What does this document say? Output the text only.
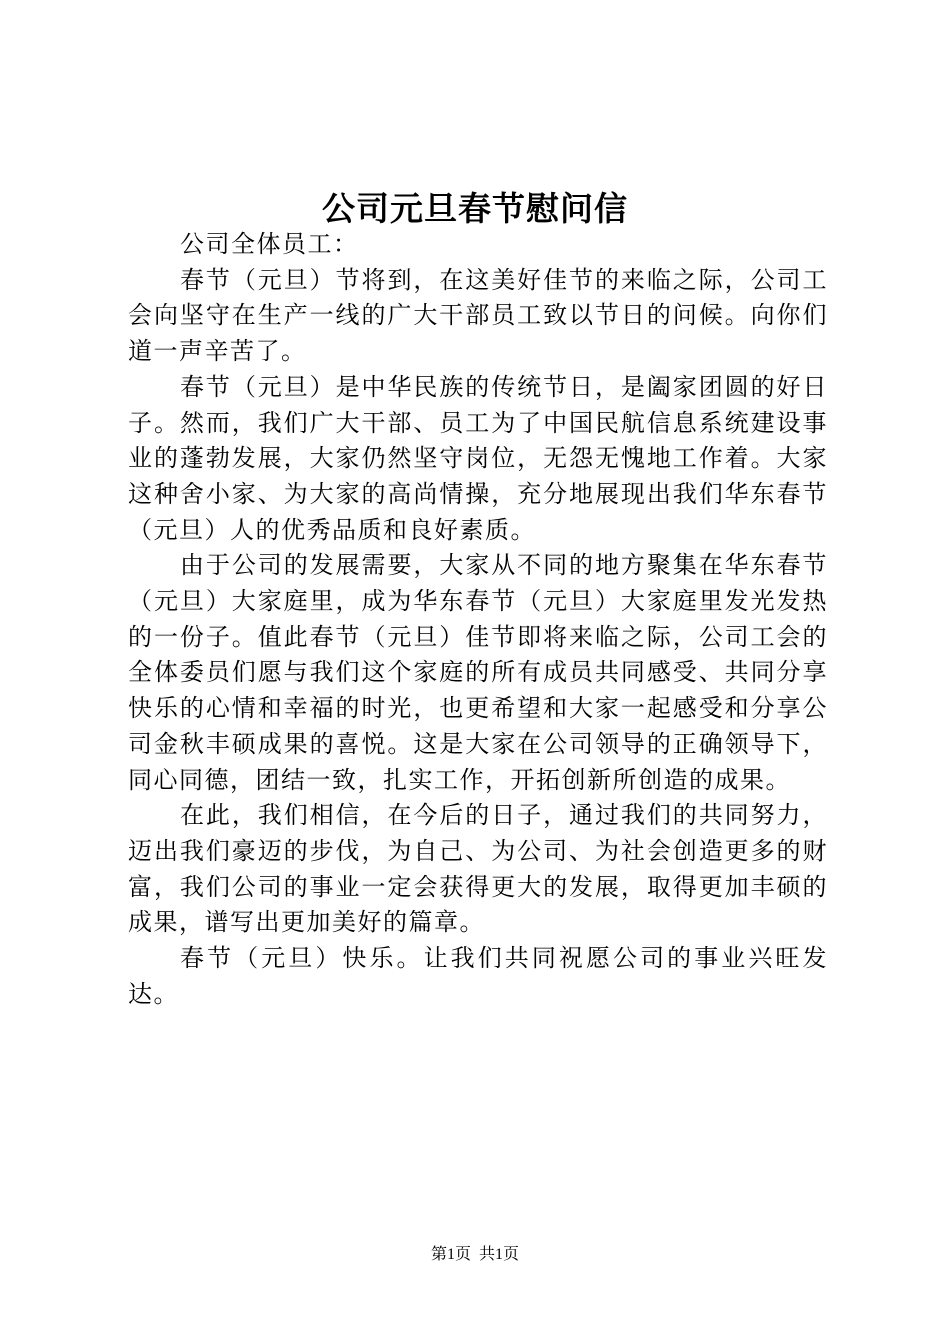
公司元旦春节慰问信

公司全体员工：

春节（元旦）节将到，在这美好佳节的来临之际，公司工会向坚守在生产一线的广大干部员工致以节日的问候。向你们道一声辛苦了。

春节（元旦）是中华民族的传统节日，是阖家团圆的好日子。然而，我们广大干部、员工为了中国民航信息系统建设事业的蓬勃发展，大家仍然坚守岗位，无怨无愧地工作着。大家这种舍小家、为大家的高尚情操，充分地展现出我们华东春节（元旦）人的优秀品质和良好素质。

由于公司的发展需要，大家从不同的地方聚集在华东春节（元旦）大家庭里，成为华东春节（元旦）大家庭里发光发热的一份子。值此春节（元旦）佳节即将来临之际，公司工会的全体委员们愿与我们这个家庭的所有成员共同感受、共同分享快乐的心情和幸福的时光，也更希望和大家一起感受和分享公司金秋丰硕成果的喜悦。这是大家在公司领导的正确领导下，同心同德，团结一致，扎实工作，开拓创新所创造的成果。

在此，我们相信，在今后的日子，通过我们的共同努力，迈出我们豪迈的步伐，为自己、为公司、为社会创造更多的财富，我们公司的事业一定会获得更大的发展，取得更加丰硕的成果，谱写出更加美好的篇章。

春节（元旦）快乐。让我们共同祝愿公司的事业兴旺发达。

第1页 共1页
